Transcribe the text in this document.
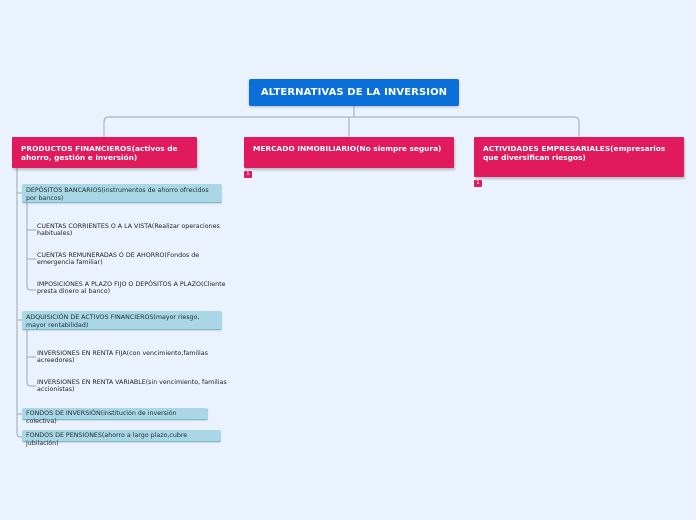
ALTERNATIVAS DE LA INVERSION
PRODUCTOS FINANCIEROS(activos de ahorro, gestión e inversión)
MERCADO INMOBILIARIO(No siempre segura)	ACTIVIDADES EMPRESARIALES(empresarios que diversifican riesgos)
1
1
DEPÓSITOS BANCARIOS(instrumentos de ahorro ofrecidos por bancos)
ADQUISICIÓN DE ACTIVOS FINANCIEROS(mayor riesgo, mayor rentabilidad)
FONDOS DE INVERSIÓN(institución de inversión colectiva)
FONDOS DE PENSIONES(ahorro a largo plazo,cubre jubilación)
CUENTAS CORRIENTES O A LA VISTA(Realizar operaciones habituales)
CUENTAS REMUNERADAS O DE AHORRO(Fondos de emergencia familiar)
IMPOSICIONES A PLAZO FIJO O DEPÓSITOS A PLAZO(Cliente presta dinero al banco)
INVERSIONES EN RENTA FIJA(con vencimiento,familias acreedores)
INVERSIONES EN RENTA VARIABLE(sin vencimiento, familias accionistas)
